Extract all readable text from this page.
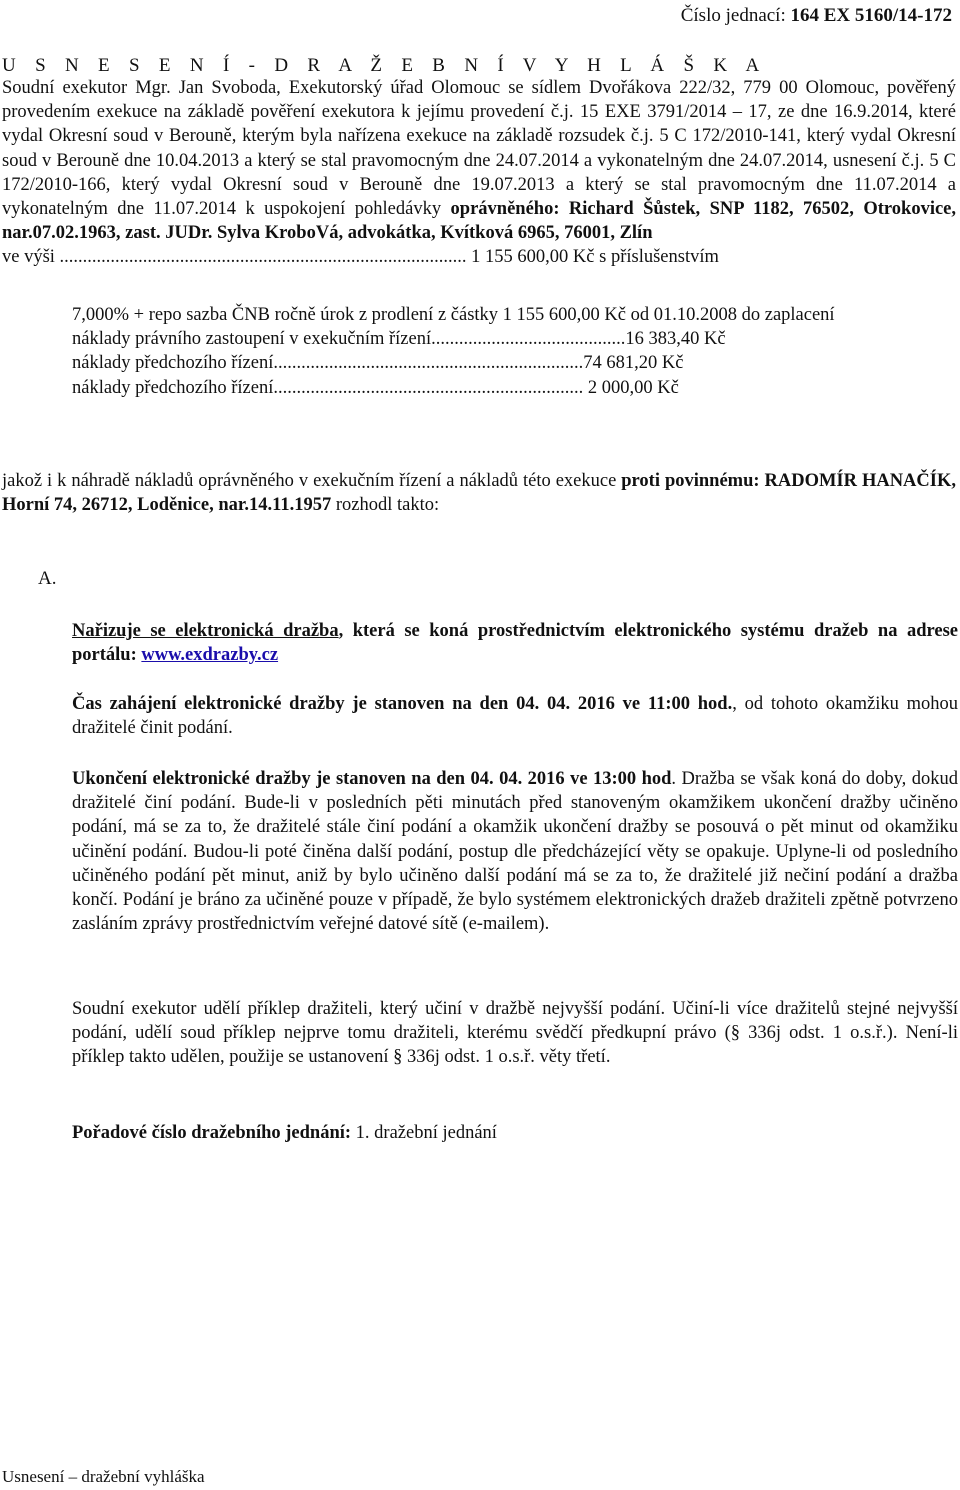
Číslo jednací: 164 EX 5160/14-172
U S N E S E N Í - D R A Ž E B N Í V Y H L Á Š K A
Soudní exekutor Mgr. Jan Svoboda, Exekutorský úřad Olomouc se sídlem Dvořákova 222/32, 779 00 Olomouc, pověřený provedením exekuce na základě pověření exekutora k jejímu provedení č.j. 15 EXE 3791/2014 – 17, ze dne 16.9.2014, které vydal Okresní soud v Berouně, kterým byla nařízena exekuce na základě rozsudek č.j. 5 C 172/2010-141, který vydal Okresní soud v Berouně dne 10.04.2013 a který se stal pravomocným dne 24.07.2014 a vykonatelným dne 24.07.2014, usnesení č.j. 5 C 172/2010-166, který vydal Okresní soud v Berouně dne 19.07.2013 a který se stal pravomocným dne 11.07.2014 a vykonatelným dne 11.07.2014 k uspokojení pohledávky oprávněného: Richard Šůstek, SNP 1182, 76502, Otrokovice, nar.07.02.1963, zast. JUDr. Sylva KroboVá, advokátka, Kvítková 6965, 76001, Zlín
ve výši ........................................................................................ 1 155 600,00 Kč s příslušenstvím
7,000% + repo sazba ČNB ročně úrok z prodlení z částky 1 155 600,00 Kč od 01.10.2008 do zaplacení
náklady právního zastoupení v exekučním řízení..........................................16 383,40 Kč
náklady předchozího řízení...................................................................74 681,20 Kč
náklady předchozího řízení................................................................... 2 000,00 Kč
jakož i k náhradě nákladů oprávněného v exekučním řízení a nákladů této exekuce proti povinnému: RADOMÍR HANAČÍK, Horní 74, 26712, Loděnice, nar.14.11.1957 rozhodl takto:
A.
Nařizuje se elektronická dražba, která se koná prostřednictvím elektronického systému dražeb na adrese portálu: www.exdrazby.cz
Čas zahájení elektronické dražby je stanoven na den 04. 04. 2016 ve 11:00 hod., od tohoto okamžiku mohou dražitelé činit podání.
Ukončení elektronické dražby je stanoven na den 04. 04. 2016 ve 13:00 hod. Dražba se však koná do doby, dokud dražitelé činí podání. Bude-li v posledních pěti minutách před stanoveným okamžikem ukončení dražby učiněno podání, má se za to, že dražitelé stále činí podání a okamžik ukončení dražby se posouvá o pět minut od okamžiku učinění podání. Budou-li poté činěna další podání, postup dle předcházející věty se opakuje. Uplyne-li od posledního učiněného podání pět minut, aniž by bylo učiněno další podání má se za to, že dražitelé již nečiní podání a dražba končí. Podání je bráno za učiněné pouze v případě, že bylo systémem elektronických dražeb dražiteli zpětně potvrzeno zasláním zprávy prostřednictvím veřejné datové sítě (e-mailem).
Soudní exekutor udělí příklep dražiteli, který učiní v dražbě nejvyšší podání. Učiní-li více dražitelů stejné nejvyšší podání, udělí soud příklep nejprve tomu dražiteli, kterému svědčí předkupní právo (§ 336j odst. 1 o.s.ř.). Není-li příklep takto udělen, použije se ustanovení § 336j odst. 1 o.s.ř. věty třetí.
Pořadové číslo dražebního jednání: 1. dražební jednání
Usnesení – dražební vyhláška
